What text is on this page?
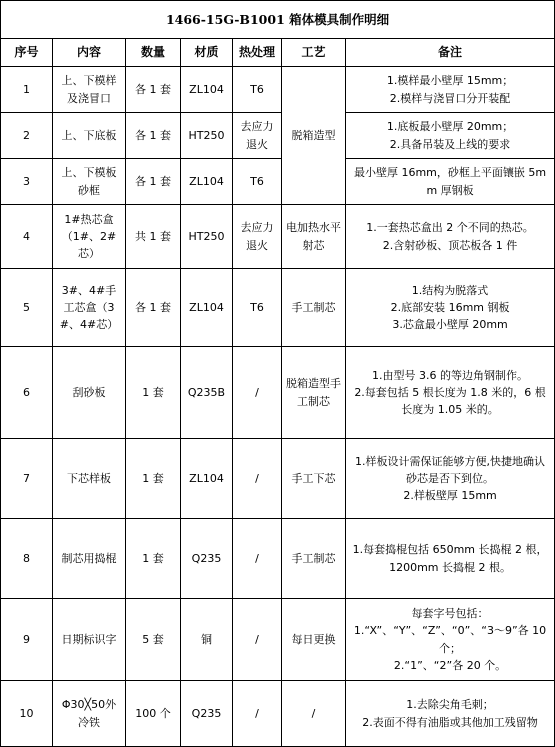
1466-15G-B1001 箱体模具制作明细						
序号	内容	数量	材质	热处理	工艺	备注
1	上、下模样及浇冒口	各 1 套	ZL104	T6	脱箱造型	1.模样最小壁厚 15mm；
2.模样与浇冒口分开装配

2	上、下底板	各 1 套	HT250	去应力退火		1.底板最小壁厚 20mm；
2.具备吊装及上线的要求

3	上、下模板砂框	各 1 套	ZL104	T6		最小壁厚 16mm，砂框上平面镶嵌 5mm 厚钢板

4	1#热芯盒（1#、2#芯）	共 1 套	HT250	去应力退火	电加热水平射芯	1.一套热芯盒出 2 个不同的热芯。
2.含射砂板、顶芯板各 1 件

5	3#、4#手工芯盒（3#、4#芯）	各 1 套	ZL104	T6	手工制芯	1.结构为脱落式
2.底部安装 16mm 钢板
3.芯盒最小壁厚 20mm

6	刮砂板	1 套	Q235B	/	脱箱造型手工制芯	1.由型号 3.6 的等边角钢制作。
2.每套包括 5 根长度为 1.8 米的，6 根长度为 1.05 米的。

7	下芯样板	1 套	ZL104	/	手工下芯	1.样板设计需保证能够方便,快捷地确认砂芯是否下到位。
2.样板壁厚 15mm

8	制芯用捣棍	1 套	Q235	/	手工制芯	1.每套捣棍包括 650mm 长捣棍 2 根，1200mm 长捣棍 2 根。

9	日期标识字	5 套	铜	/	每日更换	每套字号包括：
1.“X”、“Y”、“Z”、“0”、“3～9”各 10 个；
2.“1”、“2”各 20 个。

10	Φ30╳50外冷铁	100 个	Q235	/	/	1.去除尖角毛刺；
2.表面不得有油脂或其他加工残留物
